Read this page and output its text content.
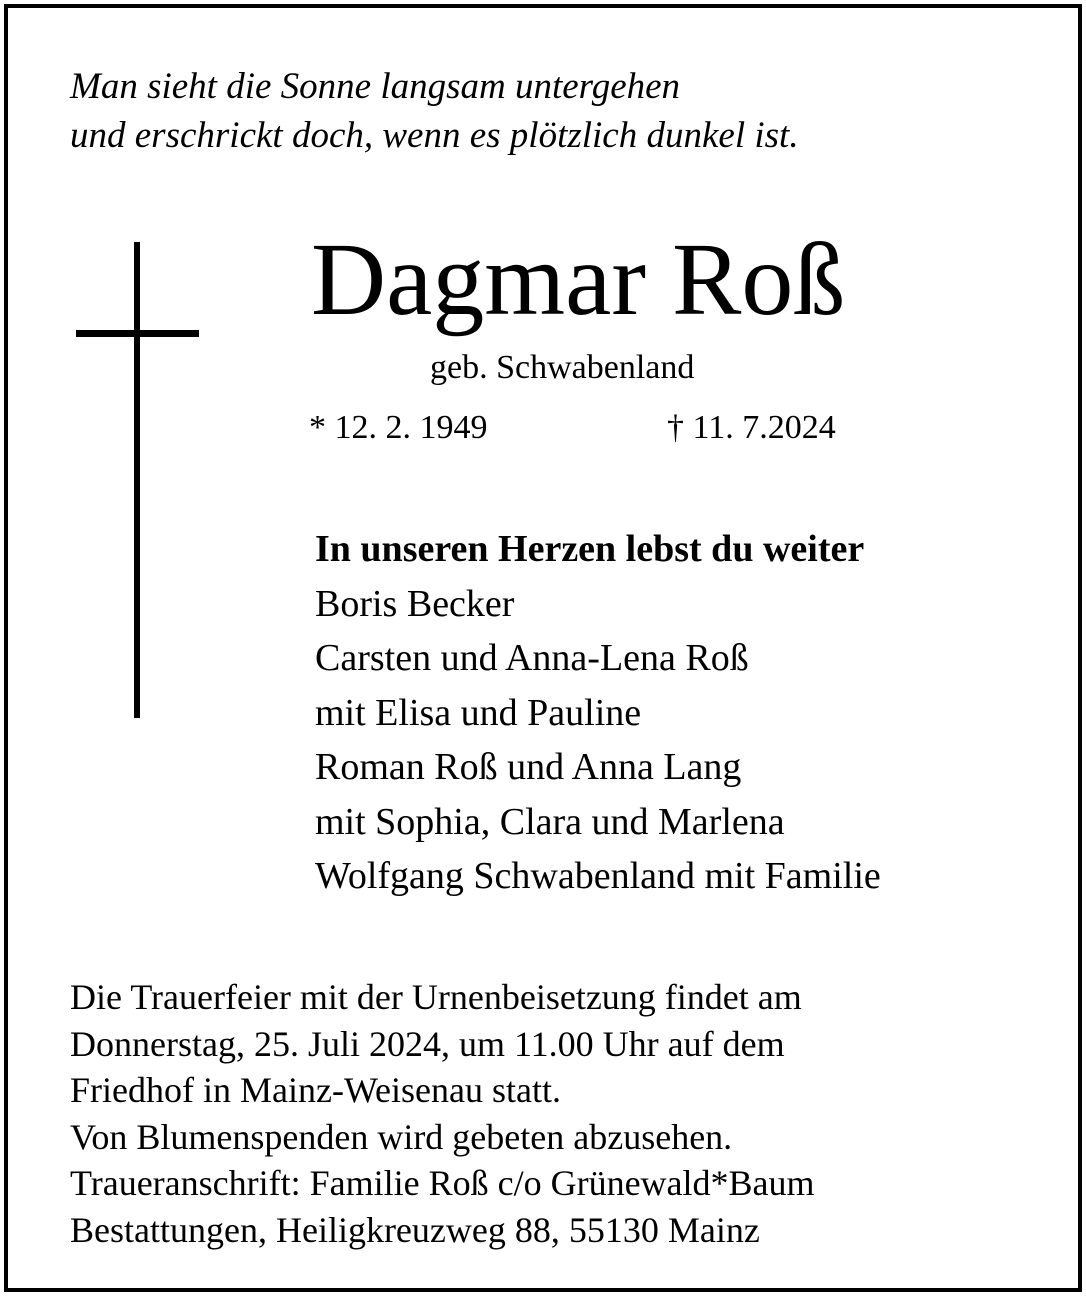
Man sieht die Sonne langsam untergehen
und erschrickt doch, wenn es plötzlich dunkel ist.
Dagmar Roß
geb. Schwabenland
* 12. 2. 1949	† 11. 7.2024
In unseren Herzen lebst du weiter
Boris Becker
Carsten und Anna-Lena Roß
mit Elisa und Pauline
Roman Roß und Anna Lang
mit Sophia, Clara und Marlena
Wolfgang Schwabenland mit Familie
Die Trauerfeier mit der Urnenbeisetzung findet am
Donnerstag, 25. Juli 2024, um 11.00 Uhr auf dem
Friedhof in Mainz-Weisenau statt.
Von Blumenspenden wird gebeten abzusehen.
Traueranschrift: Familie Roß c/o Grünewald*Baum
Bestattungen, Heiligkreuzweg 88, 55130 Mainz
